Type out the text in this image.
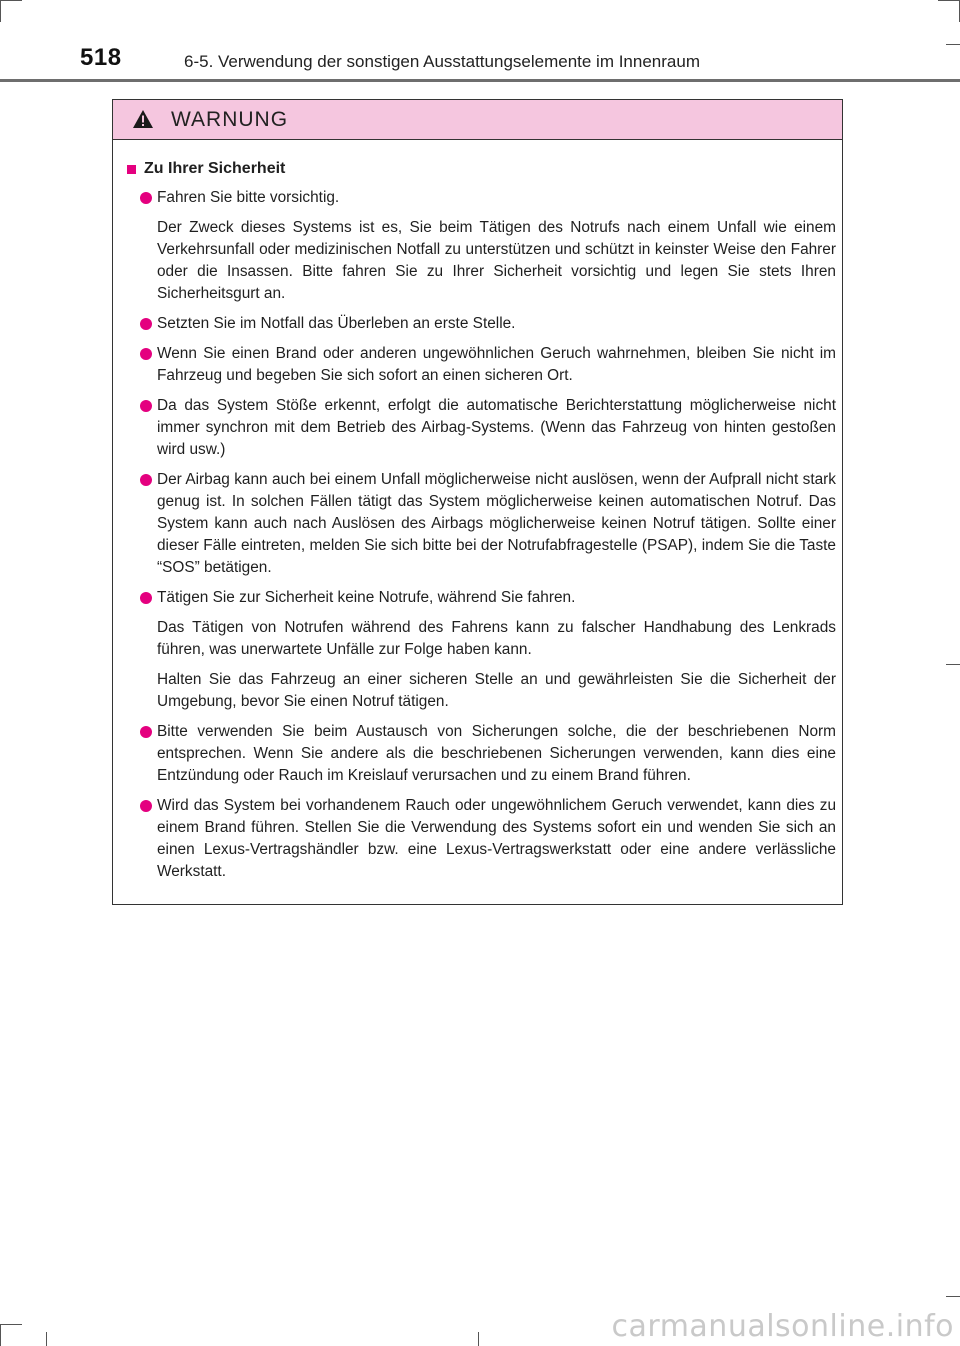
518	6-5. Verwendung der sonstigen Ausstattungselemente im Innenraum
WARNUNG
Zu Ihrer Sicherheit
Fahren Sie bitte vorsichtig.
Der Zweck dieses Systems ist es, Sie beim Tätigen des Notrufs nach einem Unfall wie einem Verkehrsunfall oder medizinischen Notfall zu unterstützen und schützt in keinster Weise den Fahrer oder die Insassen. Bitte fahren Sie zu Ihrer Sicherheit vorsichtig und legen Sie stets Ihren Sicherheitsgurt an.
Setzten Sie im Notfall das Überleben an erste Stelle.
Wenn Sie einen Brand oder anderen ungewöhnlichen Geruch wahrnehmen, bleiben Sie nicht im Fahrzeug und begeben Sie sich sofort an einen sicheren Ort.
Da das System Stöße erkennt, erfolgt die automatische Berichterstattung möglicherweise nicht immer synchron mit dem Betrieb des Airbag-Systems. (Wenn das Fahrzeug von hinten gestoßen wird usw.)
Der Airbag kann auch bei einem Unfall möglicherweise nicht auslösen, wenn der Aufprall nicht stark genug ist. In solchen Fällen tätigt das System möglicherweise keinen automatischen Notruf. Das System kann auch nach Auslösen des Airbags möglicherweise keinen Notruf tätigen. Sollte einer dieser Fälle eintreten, melden Sie sich bitte bei der Notrufabfragestelle (PSAP), indem Sie die Taste “SOS” betätigen.
Tätigen Sie zur Sicherheit keine Notrufe, während Sie fahren.
Das Tätigen von Notrufen während des Fahrens kann zu falscher Handhabung des Lenkrads führen, was unerwartete Unfälle zur Folge haben kann.
Halten Sie das Fahrzeug an einer sicheren Stelle an und gewährleisten Sie die Sicherheit der Umgebung, bevor Sie einen Notruf tätigen.
Bitte verwenden Sie beim Austausch von Sicherungen solche, die der beschriebenen Norm entsprechen. Wenn Sie andere als die beschriebenen Sicherungen verwenden, kann dies eine Entzündung oder Rauch im Kreislauf verursachen und zu einem Brand führen.
Wird das System bei vorhandenem Rauch oder ungewöhnlichem Geruch verwendet, kann dies zu einem Brand führen. Stellen Sie die Verwendung des Systems sofort ein und wenden Sie sich an einen Lexus-Vertragshändler bzw. eine Lexus-Vertragswerkstatt oder eine andere verlässliche Werkstatt.
carmanualsonline.info
